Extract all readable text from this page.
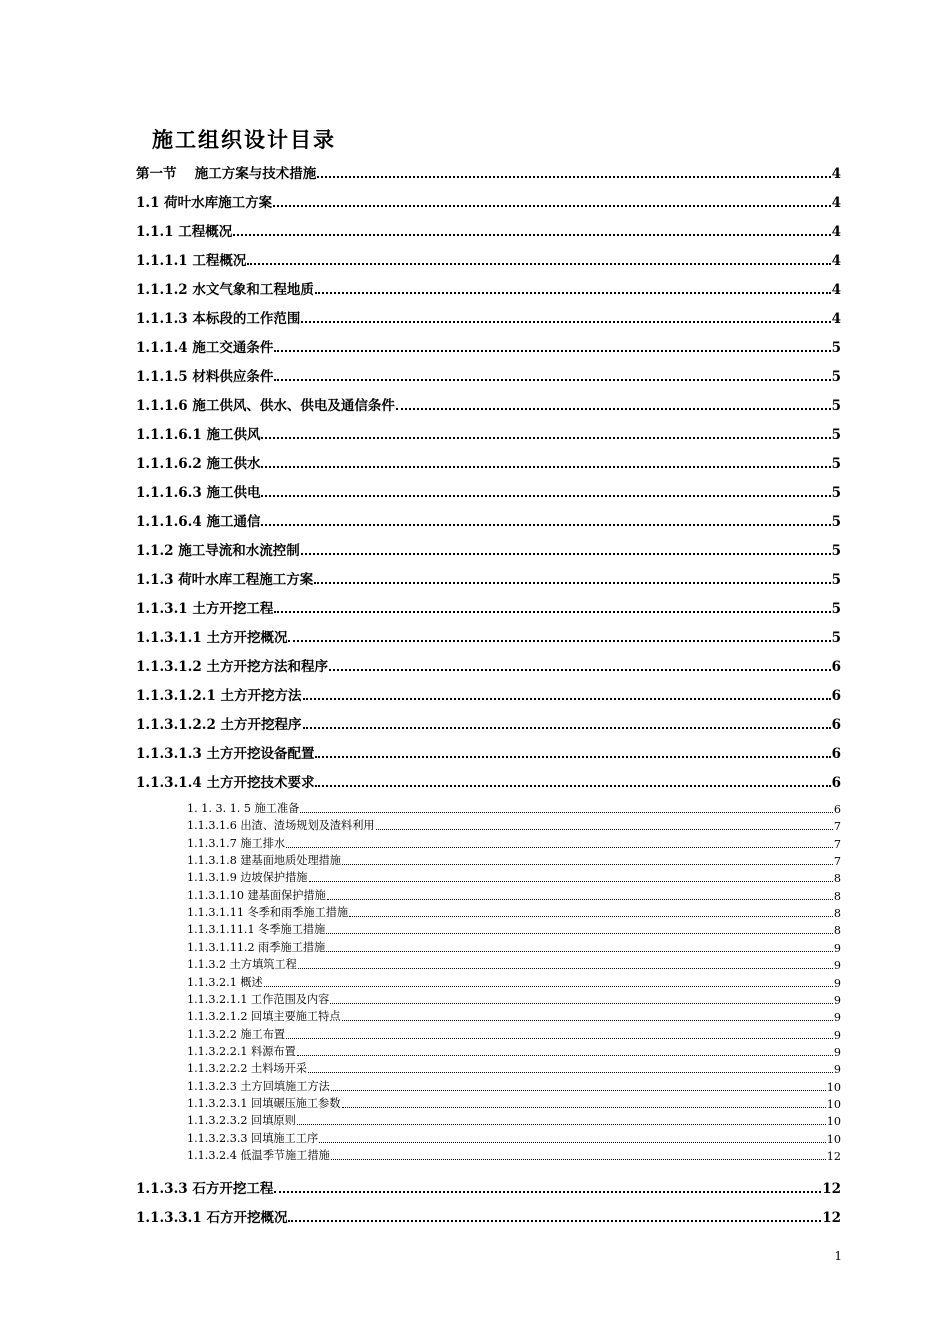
施工组织设计目录
第一节　 施工方案与技术措施	4
1.1 荷叶水库施工方案	4
1.1.1 工程概况	4
1.1.1.1 工程概况	4
1.1.1.2 水文气象和工程地质	4
1.1.1.3 本标段的工作范围	4
1.1.1.4 施工交通条件	5
1.1.1.5 材料供应条件	5
1.1.1.6 施工供风、供水、供电及通信条件	5
1.1.1.6.1 施工供风	5
1.1.1.6.2 施工供水	5
1.1.1.6.3 施工供电	5
1.1.1.6.4 施工通信	5
1.1.2 施工导流和水流控制	5
1.1.3 荷叶水库工程施工方案	5
1.1.3.1 土方开挖工程	5
1.1.3.1.1 土方开挖概况	5
1.1.3.1.2 土方开挖方法和程序	6
1.1.3.1.2.1 土方开挖方法	6
1.1.3.1.2.2 土方开挖程序	6
1.1.3.1.3 土方开挖设备配置	6
1.1.3.1.4 土方开挖技术要求	6
1. 1. 3. 1. 5 施工准备	6
1.1.3.1.6 出渣、渣场规划及渣料利用	7
1.1.3.1.7 施工排水	7
1.1.3.1.8 建基面地质处理措施	7
1.1.3.1.9 边坡保护措施	8
1.1.3.1.10 建基面保护措施	8
1.1.3.1.11 冬季和雨季施工措施	8
1.1.3.1.11.1 冬季施工措施	8
1.1.3.1.11.2 雨季施工措施	9
1.1.3.2 土方填筑工程	9
1.1.3.2.1 概述	9
1.1.3.2.1.1 工作范围及内容	9
1.1.3.2.1.2 回填主要施工特点	9
1.1.3.2.2 施工布置	9
1.1.3.2.2.1 料源布置	9
1.1.3.2.2.2 土料场开采	9
1.1.3.2.3 土方回填施工方法	10
1.1.3.2.3.1 回填碾压施工参数	10
1.1.3.2.3.2 回填原则	10
1.1.3.2.3.3 回填施工工序	10
1.1.3.2.4 低温季节施工措施	12
1.1.3.3 石方开挖工程	12
1.1.3.3.1 石方开挖概况	12
1
